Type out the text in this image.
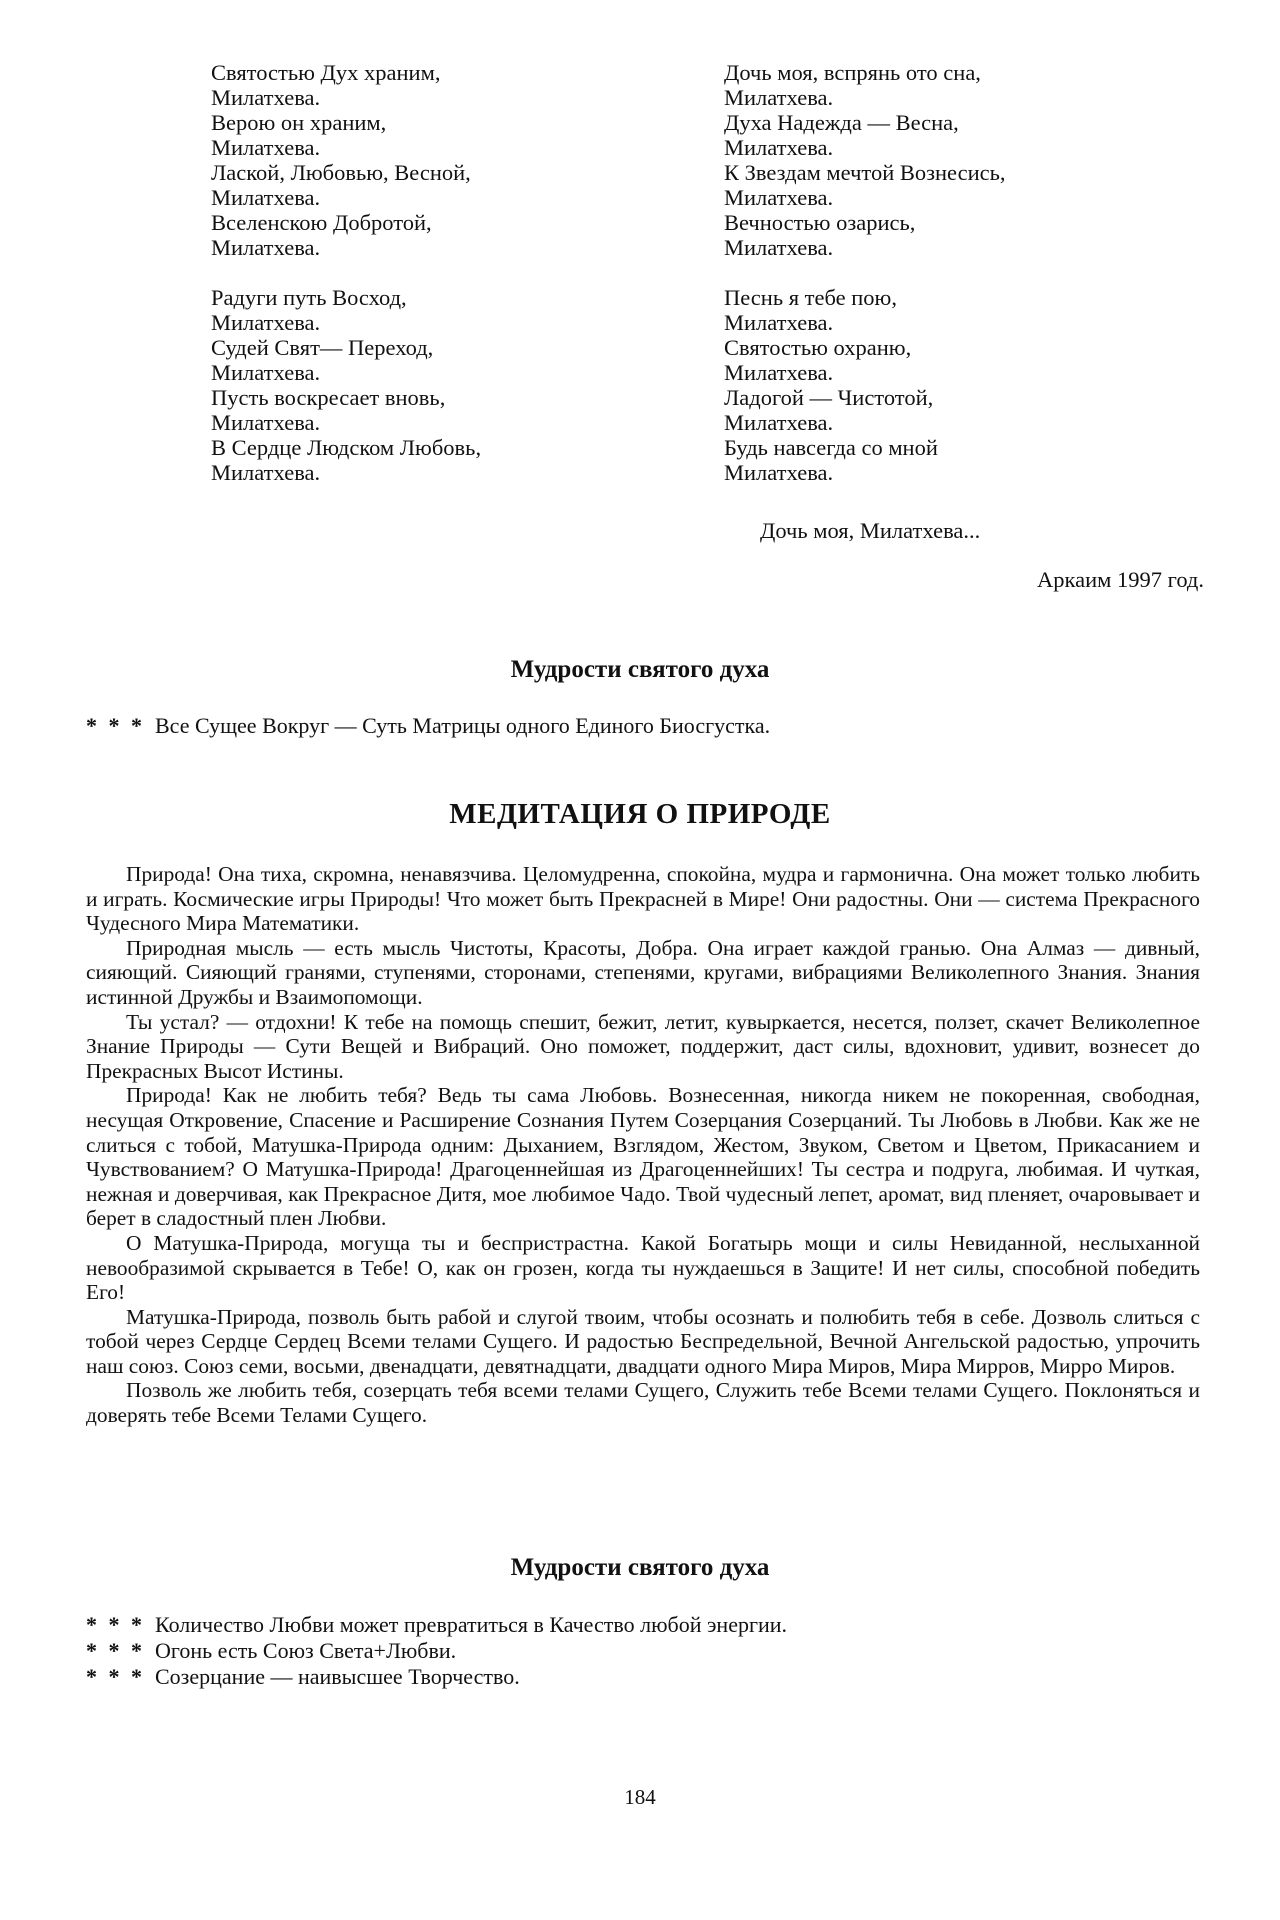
Святостью Дух храним,
Милатхева.
Верою он храним,
Милатхева.
Лаской, Любовью, Весной,
Милатхева.
Вселенскою Добротой,
Милатхева.

Радуги путь Восход,
Милатхева.
Судей Свят— Переход,
Милатхева.
Пусть воскресает вновь,
Милатхева.
В Сердце Людском Любовь,
Милатхева.

Дочь моя, вспрянь ото сна,
Милатхева.
Духа Надежда — Весна,
Милатхева.
К Звездам мечтой Вознесись,
Милатхева.
Вечностью озарись,
Милатхева.

Песнь я тебе пою,
Милатхева.
Святостью охраню,
Милатхева.
Ладогой — Чистотой,
Милатхева.
Будь навсегда со мной
Милатхева.

Дочь моя, Милатхева...
Аркаим 1997 год.
Мудрости святого духа
* * * Все Сущее Вокруг — Суть Матрицы одного Единого Биосгустка.
МЕДИТАЦИЯ О ПРИРОДЕ

Природа! Она тиха, скромна, ненавязчива. Целомудренна, спокойна, мудра и гармонична. Она может только любить и играть. Космические игры Природы! Что может быть Прекрасней в Мире! Они радостны. Они — система Прекрасного Чудесного Мира Математики.

Природная мысль — есть мысль Чистоты, Красоты, Добра. Она играет каждой гранью. Она Алмаз — дивный, сияющий. Сияющий гранями, ступенями, сторонами, степенями, кругами, вибрациями Великолепного Знания. Знания истинной Дружбы и Взаимопомощи.

Ты устал? — отдохни! К тебе на помощь спешит, бежит, летит, кувыркается, несется, ползет, скачет Великолепное Знание Природы — Сути Вещей и Вибраций. Оно поможет, поддержит, даст силы, вдохновит, удивит, вознесет до Прекрасных Высот Истины.

Природа! Как не любить тебя? Ведь ты сама Любовь. Вознесенная, никогда никем не покоренная, свободная, несущая Откровение, Спасение и Расширение Сознания Путем Созерцания Созерцаний. Ты Любовь в Любви. Как же не слиться с тобой, Матушка-Природа одним: Дыханием, Взглядом, Жестом, Звуком, Светом и Цветом, Прикасанием и Чувствованием? О Матушка-Природа! Драгоценнейшая из Драгоценнейших! Ты сестра и подруга, любимая. И чуткая, нежная и доверчивая, как Прекрасное Дитя, мое любимое Чадо. Твой чудесный лепет, аромат, вид пленяет, очаровывает и берет в сладостный плен Любви.

О Матушка-Природа, могуща ты и беспристрастна. Какой Богатырь мощи и силы Невиданной, неслыханной невообразимой скрывается в Тебе! О, как он грозен, когда ты нуждаешься в Защите! И нет силы, способной победить Его!

Матушка-Природа, позволь быть рабой и слугой твоим, чтобы осознать и полюбить тебя в себе. Дозволь слиться с тобой через Сердце Сердец Всеми телами Сущего. И радостью Беспредельной, Вечной Ангельской радостью, упрочить наш союз. Союз семи, восьми, двенадцати, девятнадцати, двадцати одного Мира Миров, Мира Мирров, Мирро Миров.

Позволь же любить тебя, созерцать тебя всеми телами Сущего, Служить тебе Всеми телами Сущего. Поклоняться и доверять тебе Всеми Телами Сущего.

Мудрости святого духа
* * * Количество Любви может превратиться в Качество любой энергии.
* * * Огонь есть Союз Света+Любви.
* * * Созерцание — наивысшее Творчество.
184
